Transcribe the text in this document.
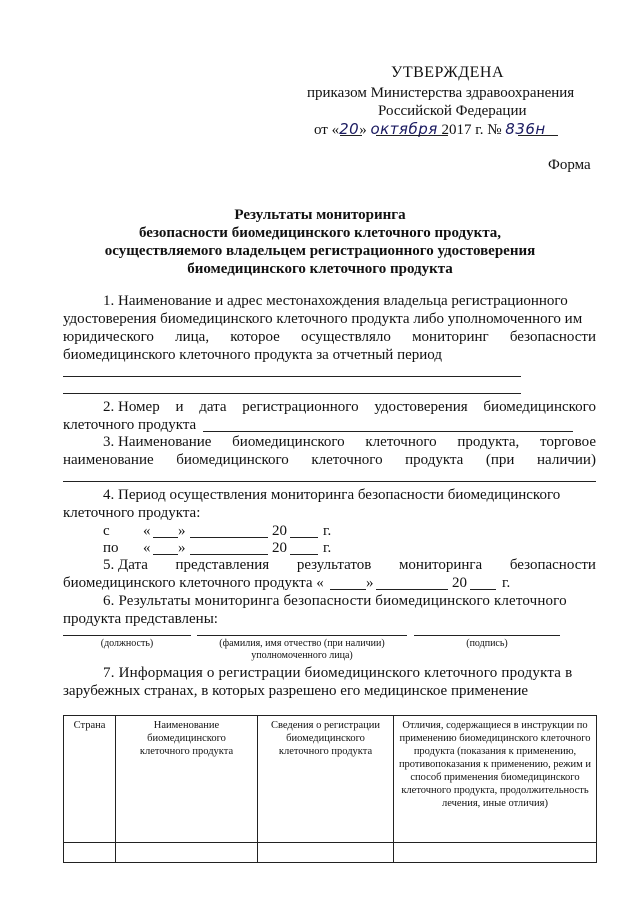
УТВЕРЖДЕНА
приказом Министерства здравоохранения
Российской Федерации
от «20» октября 2017 г. № 836н
Форма
Результаты мониторинга
безопасности биомедицинского клеточного продукта,
осуществляемого владельцем регистрационного удостоверения
биомедицинского клеточного продукта
1. Наименование и адрес местонахождения владельца регистрационного
удостоверения биомедицинского клеточного продукта либо уполномоченного им
юридического лица, которое осуществляло мониторинг безопасности
биомедицинского клеточного продукта за отчетный период
2. Номер и дата регистрационного удостоверения биомедицинского
клеточного продукта
3. Наименование биомедицинского клеточного продукта, торговое
наименование биомедицинского клеточного продукта (при наличии)
4. Период осуществления мониторинга безопасности биомедицинского
клеточного продукта:
с « »	20 г.
по « »	20 г.
5. Дата представления результатов мониторинга безопасности
биомедицинского клеточного продукта «	»	20 г.
6. Результаты мониторинга безопасности биомедицинского клеточного
продукта представлены:
(должность)	(фамилия, имя отчество (при наличии)
уполномоченного лица)
(подпись)
7. Информация о регистрации биомедицинского клеточного продукта в
зарубежных странах, в которых разрешено его медицинское применение
Страна	Наименование биомедицинского клеточного продукта	Сведения о регистрации биомедицинского клеточного продукта	Отличия, содержащиеся в инструкции по применению биомедицинского клеточного продукта (показания к применению, противопоказания к применению, режим и способ применения биомедицинского клеточного продукта, продолжительность лечения, иные отличия)
